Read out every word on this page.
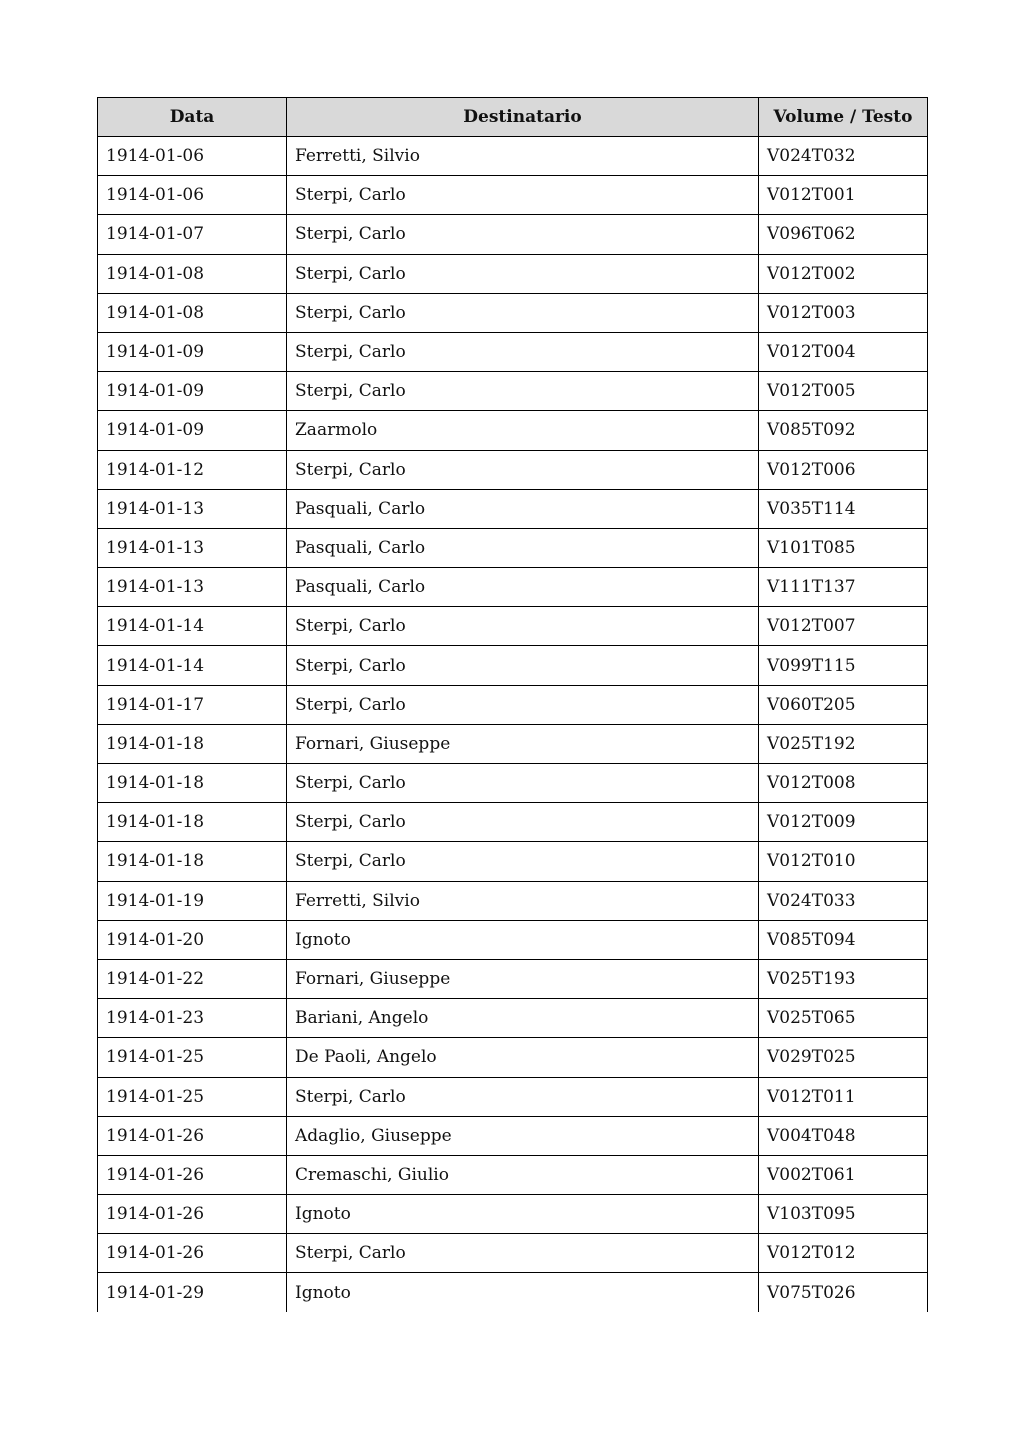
Data	Destinatario	Volume / Testo
1914-01-06	Ferretti, Silvio	V024T032
1914-01-06	Sterpi, Carlo	V012T001
1914-01-07	Sterpi, Carlo	V096T062
1914-01-08	Sterpi, Carlo	V012T002
1914-01-08	Sterpi, Carlo	V012T003
1914-01-09	Sterpi, Carlo	V012T004
1914-01-09	Sterpi, Carlo	V012T005
1914-01-09	Zaarmolo	V085T092
1914-01-12	Sterpi, Carlo	V012T006
1914-01-13	Pasquali, Carlo	V035T114
1914-01-13	Pasquali, Carlo	V101T085
1914-01-13	Pasquali, Carlo	V111T137
1914-01-14	Sterpi, Carlo	V012T007
1914-01-14	Sterpi, Carlo	V099T115
1914-01-17	Sterpi, Carlo	V060T205
1914-01-18	Fornari, Giuseppe	V025T192
1914-01-18	Sterpi, Carlo	V012T008
1914-01-18	Sterpi, Carlo	V012T009
1914-01-18	Sterpi, Carlo	V012T010
1914-01-19	Ferretti, Silvio	V024T033
1914-01-20	Ignoto	V085T094
1914-01-22	Fornari, Giuseppe	V025T193
1914-01-23	Bariani, Angelo	V025T065
1914-01-25	De Paoli, Angelo	V029T025
1914-01-25	Sterpi, Carlo	V012T011
1914-01-26	Adaglio, Giuseppe	V004T048
1914-01-26	Cremaschi, Giulio	V002T061
1914-01-26	Ignoto	V103T095
1914-01-26	Sterpi, Carlo	V012T012
1914-01-29	Ignoto	V075T026
